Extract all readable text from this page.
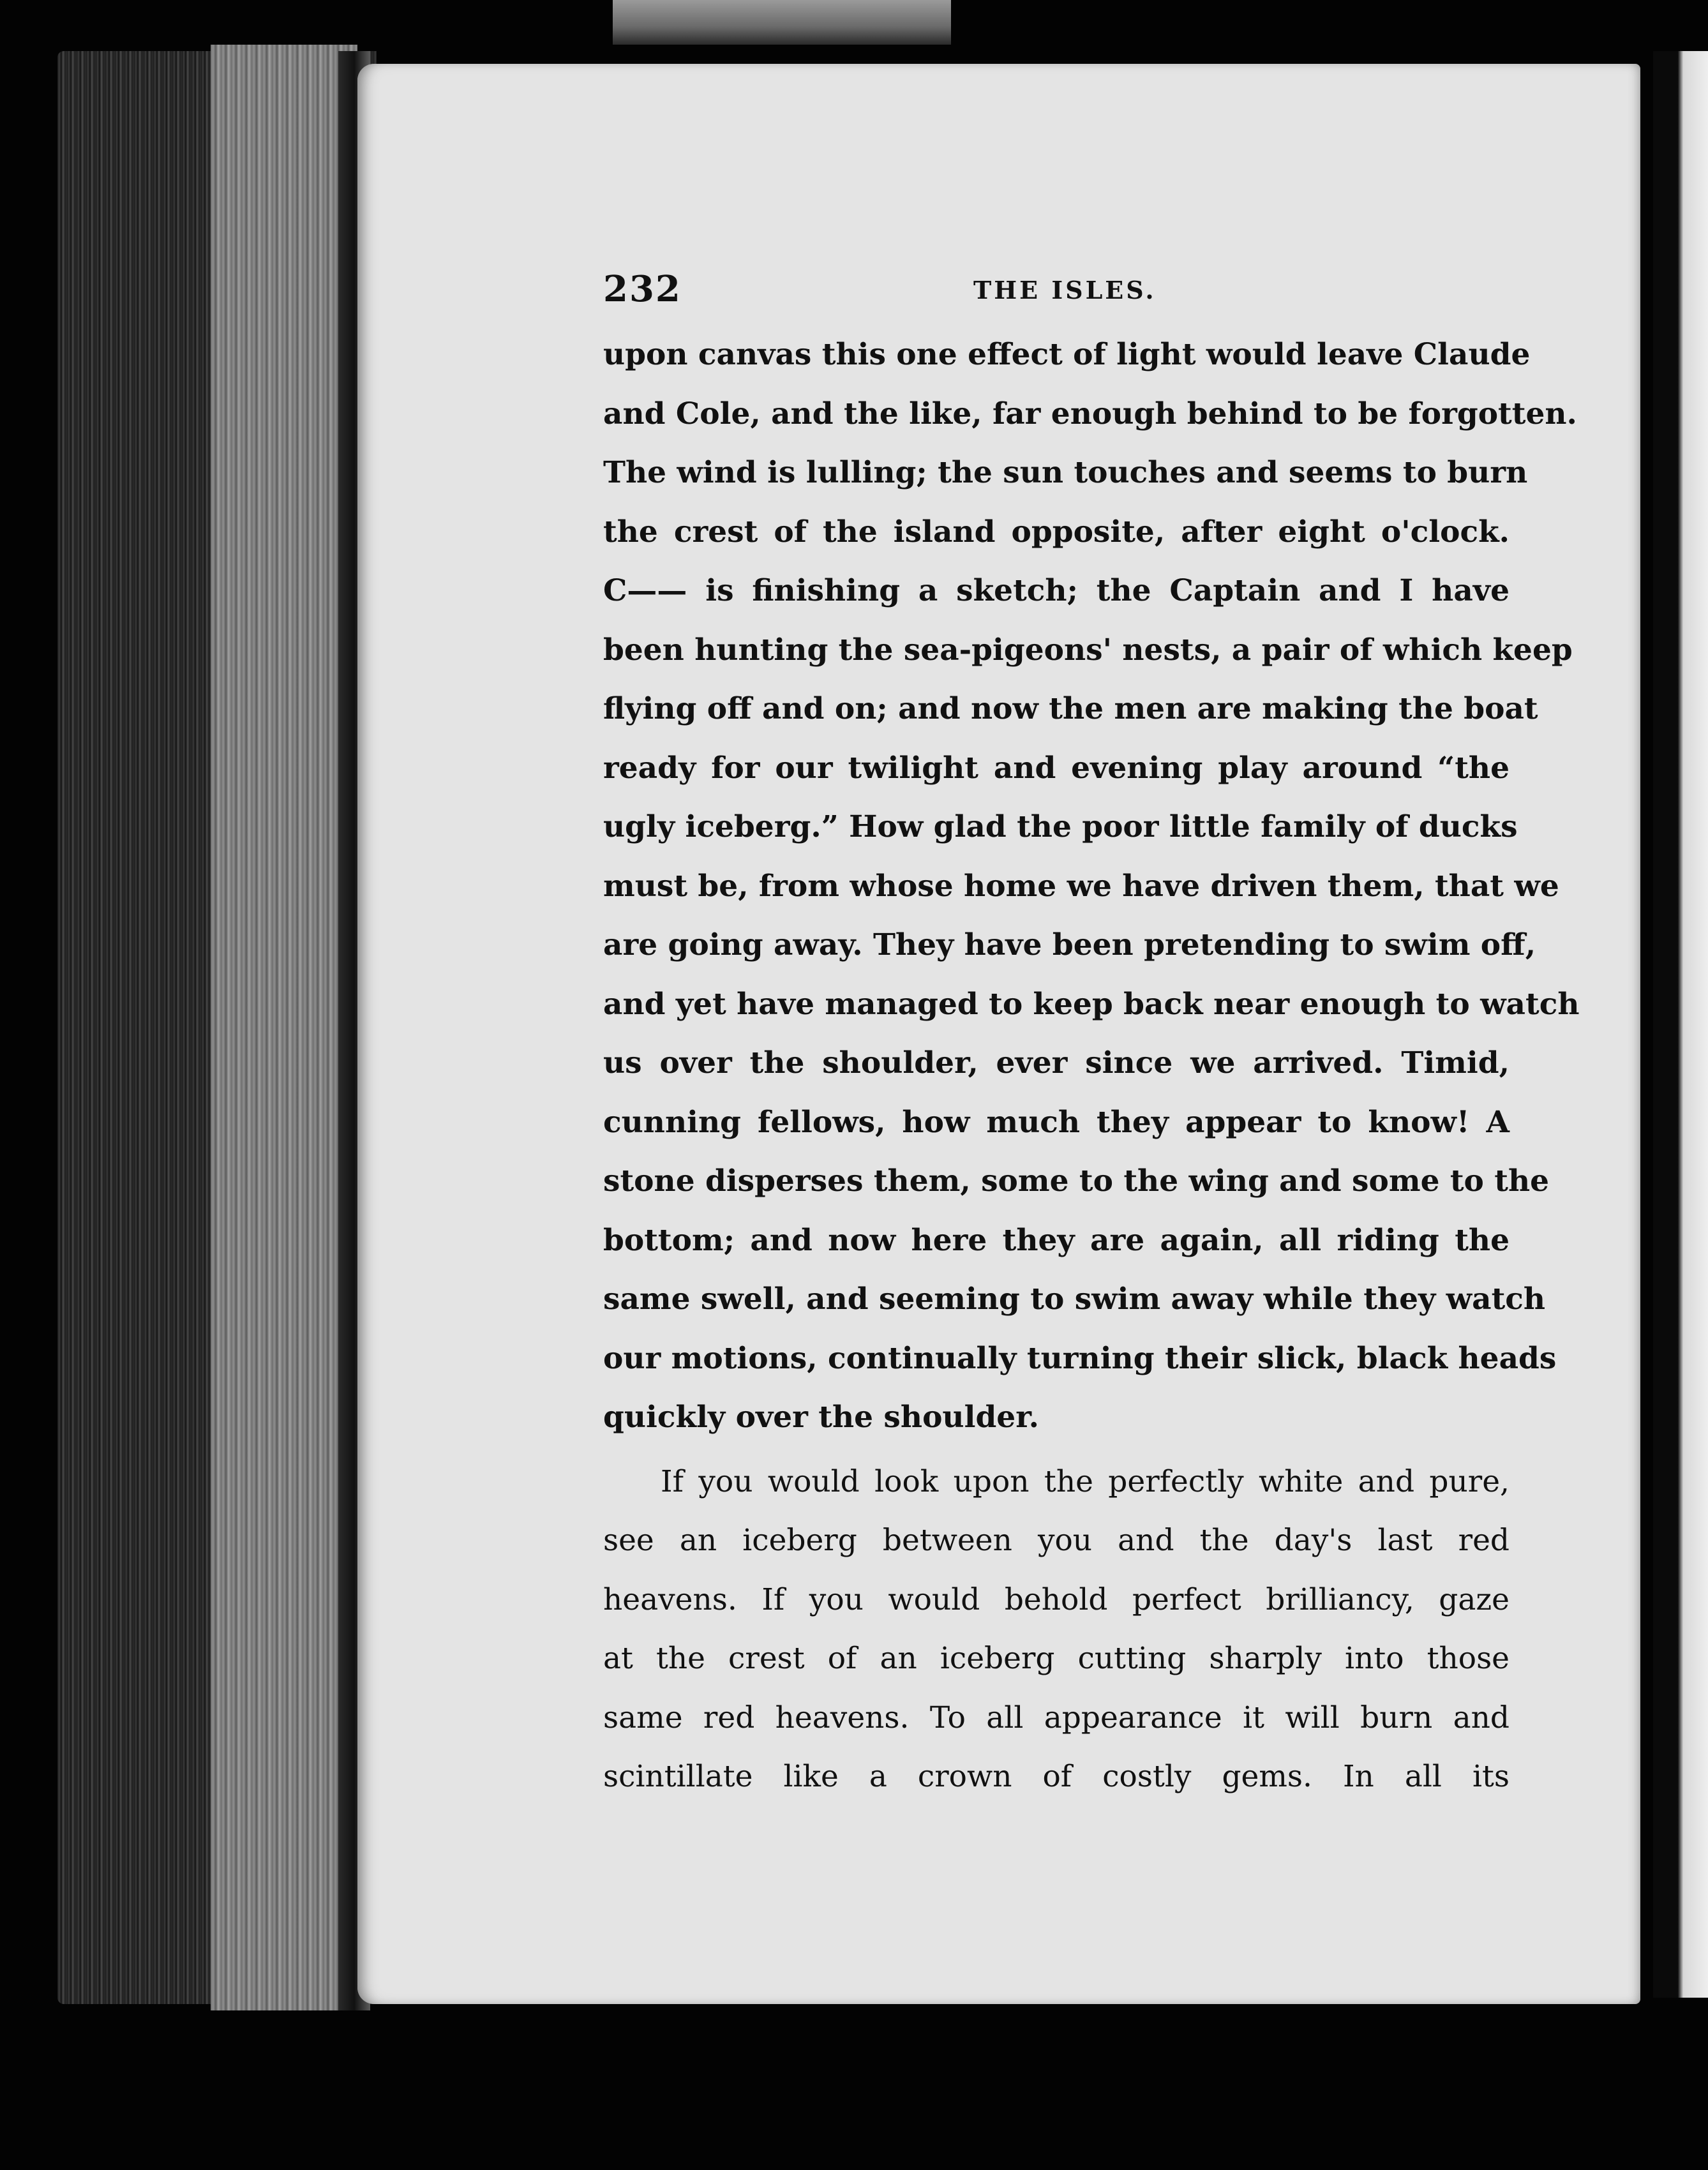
232	THE ISLES.

upon canvas this one effect of light would leave Claude
and Cole, and the like, far enough behind to be forgotten.
The wind is lulling; the sun touches and seems to burn
the crest of the island opposite, after eight o'clock.
C—— is finishing a sketch; the Captain and I have
been hunting the sea-pigeons' nests, a pair of which keep
flying off and on; and now the men are making the boat
ready for our twilight and evening play around “the
ugly iceberg.” How glad the poor little family of ducks
must be, from whose home we have driven them, that we
are going away. They have been pretending to swim off,
and yet have managed to keep back near enough to watch
us over the shoulder, ever since we arrived. Timid,
cunning fellows, how much they appear to know! A
stone disperses them, some to the wing and some to the
bottom; and now here they are again, all riding the
same swell, and seeming to swim away while they watch
our motions, continually turning their slick, black heads
quickly over the shoulder.

If you would look upon the perfectly white and pure,
see an iceberg between you and the day's last red
heavens. If you would behold perfect brilliancy, gaze
at the crest of an iceberg cutting sharply into those
same red heavens. To all appearance it will burn and
scintillate like a crown of costly gems. In all its
